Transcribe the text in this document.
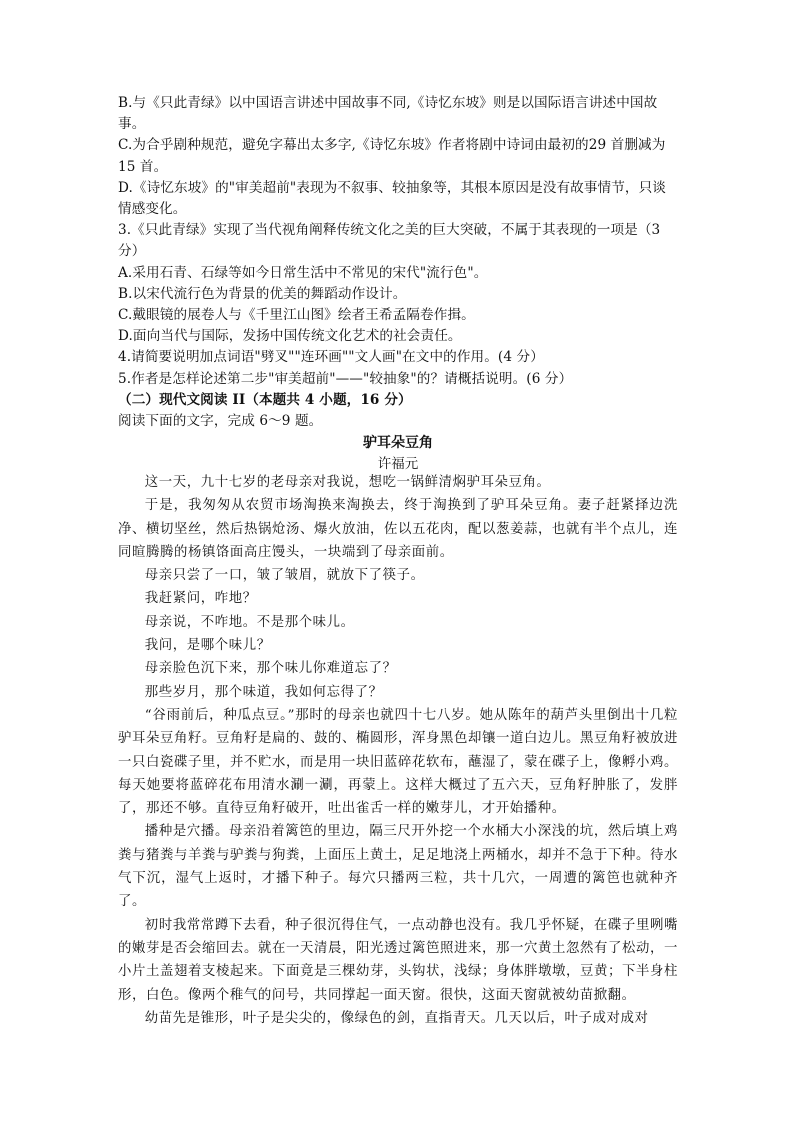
B.与《只此青绿》以中国语言讲述中国故事不同,《诗忆东坡》则是以国际语言讲述中国故事。

C.为合乎剧种规范，避免字幕出太多字,《诗忆东坡》作者将剧中诗词由最初的29 首删减为15 首。

D.《诗忆东坡》的"审美超前"表现为不叙事、较抽象等，其根本原因是没有故事情节，只谈情感变化。

3.《只此青绿》实现了当代视角阐释传统文化之美的巨大突破，不属于其表现的一项是（3 分）

A.采用石青、石绿等如今日常生活中不常见的宋代"流行色"。

B.以宋代流行色为背景的优美的舞蹈动作设计。

C.戴眼镜的展卷人与《千里江山图》绘者王希孟隔卷作揖。

D.面向当代与国际，发扬中国传统文化艺术的社会责任。

4.请简要说明加点词语"劈叉""连环画""文人画"在文中的作用。(4 分）

5.作者是怎样论述第二步"审美超前"——"较抽象"的？请概括说明。(6 分）

（二）现代文阅读 II（本题共 4 小题，16 分）

阅读下面的文字，完成 6～9 题。

驴耳朵豆角
许福元

这一天，九十七岁的老母亲对我说，想吃一锅鲜清焖驴耳朵豆角。

于是，我匆匆从农贸市场淘换来淘换去，终于淘换到了驴耳朵豆角。妻子赶紧择边洗净、横切坚丝，然后热锅炝汤、爆火放油，佐以五花肉，配以葱姜蒜，也就有半个点儿，连同暄腾腾的杨镇饹面高庄馒头，一块端到了母亲面前。

母亲只尝了一口，皱了皱眉，就放下了筷子。

我赶紧问，咋地？

母亲说，不咋地。不是那个味儿。

我问，是哪个味儿？

母亲脸色沉下来，那个味儿你难道忘了？

那些岁月，那个味道，我如何忘得了？

“谷雨前后，种瓜点豆。”那时的母亲也就四十七八岁。她从陈年的葫芦头里倒出十几粒驴耳朵豆角籽。豆角籽是扁的、鼓的、椭圆形，浑身黑色却镶一道白边儿。黑豆角籽被放进一只白瓷碟子里，并不贮水，而是用一块旧蓝碎花软布，蘸湿了，蒙在碟子上，像孵小鸡。每天她要将蓝碎花布用清水涮一涮，再蒙上。这样大概过了五六天，豆角籽肿胀了，发胖了，那还不够。直待豆角籽破开，吐出雀舌一样的嫩芽儿，才开始播种。

播种是穴播。母亲沿着篱笆的里边，隔三尺开外挖一个水桶大小深浅的坑，然后填上鸡粪与猪粪与羊粪与驴粪与狗粪，上面压上黄土，足足地浇上两桶水，却并不急于下种。待水气下沉，湿气上返时，才播下种子。每穴只播两三粒，共十几穴，一周遭的篱笆也就种齐了。

初时我常常蹲下去看，种子很沉得住气，一点动静也没有。我几乎怀疑，在碟子里咧嘴的嫩芽是否会缩回去。就在一天清晨，阳光透过篱笆照进来，那一穴黄土忽然有了松动，一小片土盖翅着支棱起来。下面竟是三棵幼芽，头钩状，浅绿；身体胖墩墩，豆黄；下半身柱形，白色。像两个稚气的问号，共同撑起一面天窗。很快，这面天窗就被幼苗掀翻。

幼苗先是锥形，叶子是尖尖的，像绿色的剑，直指青天。几天以后，叶子成对成对
